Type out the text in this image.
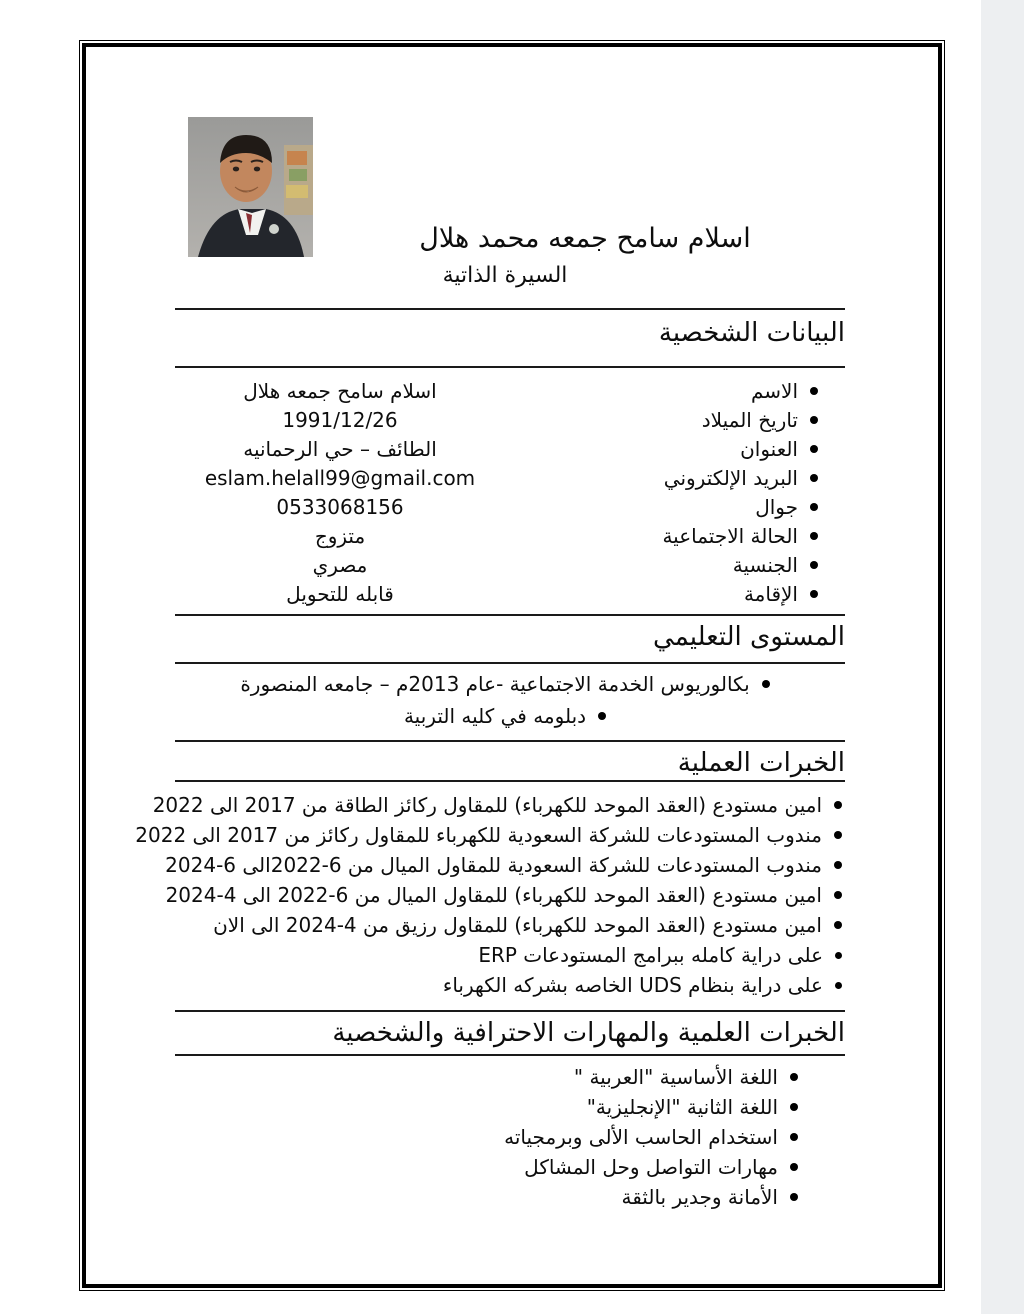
اسلام سامح جمعه محمد هلال
السيرة الذاتية
البيانات الشخصية
الاسم
اسلام سامح جمعه هلال
تاريخ الميلاد
1991/12/26
العنوان
الطائف – حي الرحمانيه
البريد الإلكتروني
eslam.helall99@gmail.com
جوال
0533068156
الحالة الاجتماعية
متزوج
الجنسية
مصري
الإقامة
قابله للتحويل
المستوى التعليمي
بكالوريوس الخدمة الاجتماعية -عام 2013م – جامعه المنصورة
دبلومه في كليه التربية
الخبرات العملية
امين مستودع (العقد الموحد للكهرباء) للمقاول ركائز الطاقة من 2017 الى 2022
مندوب المستودعات للشركة السعودية للكهرباء للمقاول ركائز من 2017 الى 2022
مندوب المستودعات للشركة السعودية للمقاول الميال من 6-2022الى 6-2024
امين مستودع (العقد الموحد للكهرباء) للمقاول الميال من 6-2022 الى 4-2024
امين مستودع (العقد الموحد للكهرباء) للمقاول رزيق من 4-2024 الى الان
على دراية كامله ببرامج المستودعات ERP
على دراية بنظام UDS الخاصه بشركه الكهرباء
الخبرات العلمية والمهارات الاحترافية والشخصية
اللغة الأساسية "العربية "
اللغة الثانية "الإنجليزية"
استخدام الحاسب الألى وبرمجياته
مهارات التواصل وحل المشاكل
الأمانة وجدير بالثقة
